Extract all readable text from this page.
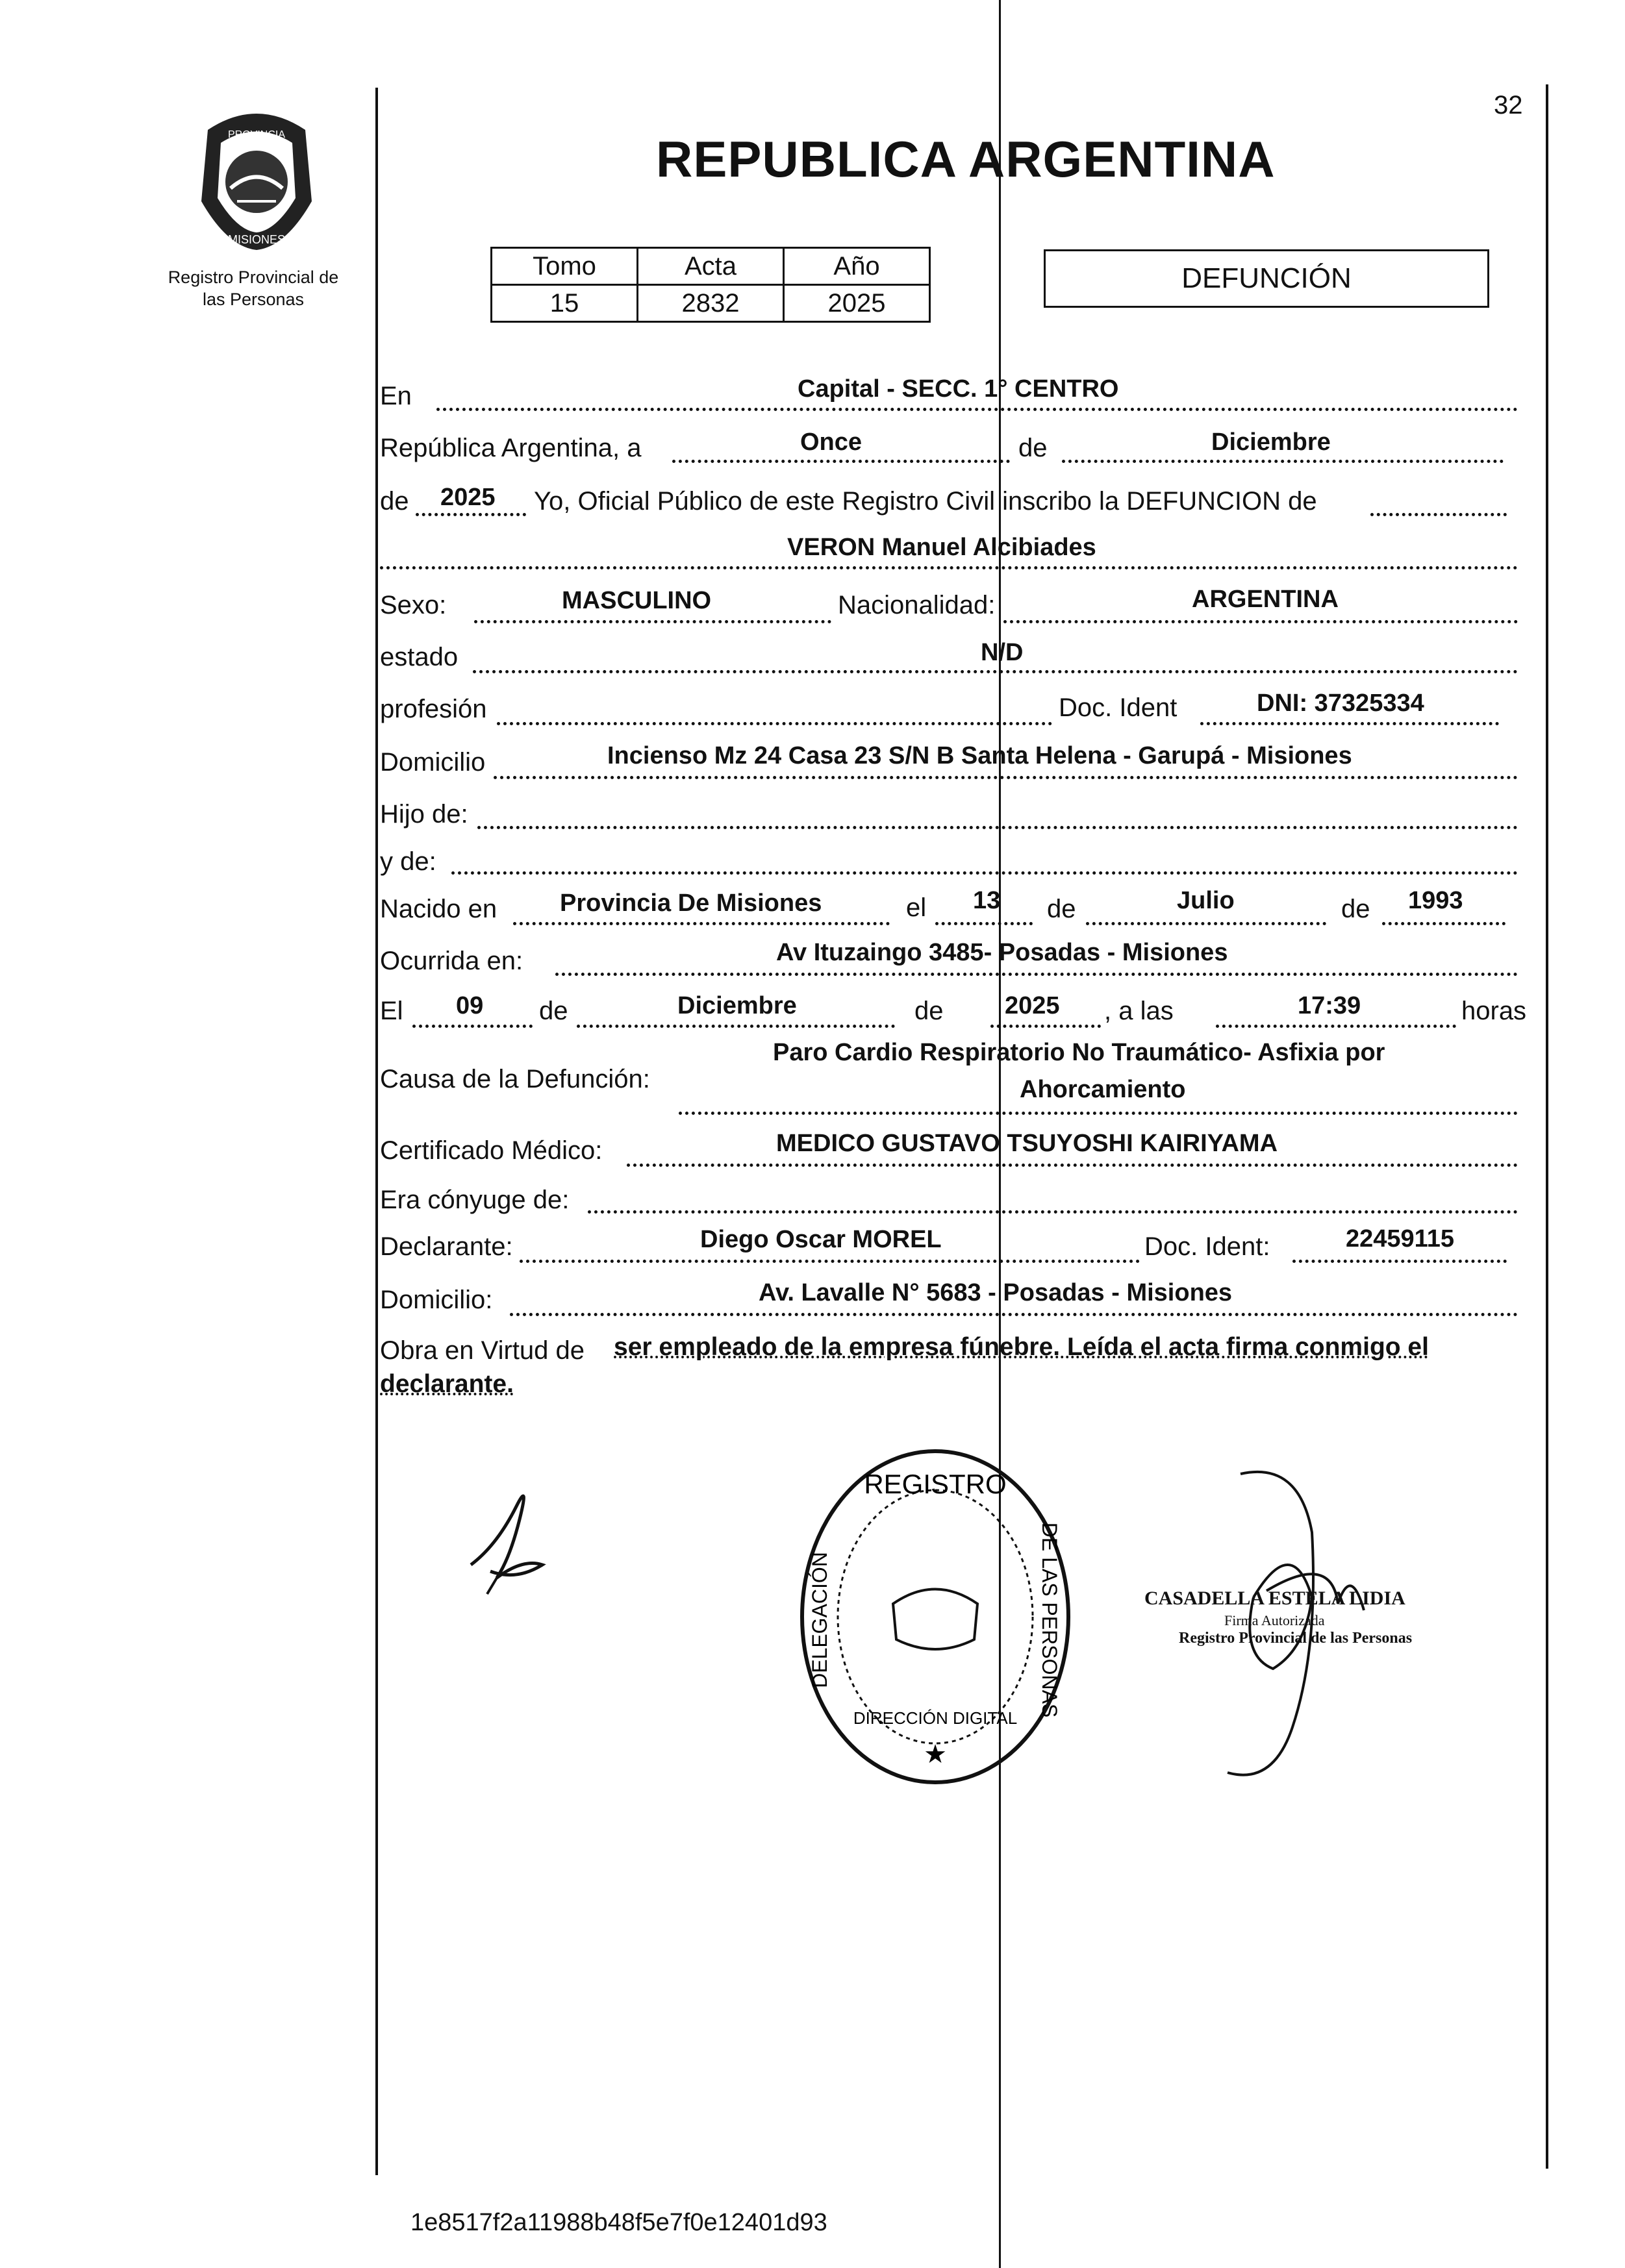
32
PROVINCIA
MISIONES
Registro Provincial de
las Personas
REPUBLICA ARGENTINA
Tomo	Acta	Año
15	2832	2025
DEFUNCIÓN
En	Capital - SECC. 1° CENTRO
República Argentina, a	Once	de	Diciembre
de 2025 Yo, Oficial Público de este Registro Civil inscribo la DEFUNCION de
VERON Manuel Alcibiades
Sexo:	MASCULINO	Nacionalidad:	ARGENTINA
estado	N/D
profesión	Doc. Ident	DNI: 37325334
Domicilio	Incienso Mz 24 Casa 23 S/N B Santa Helena - Garupá - Misiones
Hijo de:
y de:
Nacido en	Provincia De Misiones	el 13 de	Julio	de 1993
Ocurrida en:	Av Ituzaingo 3485- Posadas - Misiones
El 09 de	Diciembre	de 2025 , a las	17:39	horas
Causa de la Defunción:
Paro Cardio Respiratorio No Traumático- Asfixia por
Ahorcamiento
Certificado Médico:	MEDICO GUSTAVO TSUYOSHI KAIRIYAMA
Era cónyuge de:
Declarante:	Diego Oscar MOREL	Doc. Ident:	22459115
Domicilio:	Av. Lavalle N° 5683 - Posadas - Misiones
Obra en Virtud de ser empleado de la empresa fúnebre. Leída el acta firma conmigo el
declarante.
REGISTRO
DE LAS PERSONAS
DELEGACIÓN
DIRECCIÓN DIGITAL
★
CASADELLA ESTELA LIDIA
Firma Autorizada
Registro Provincial de las Personas
1e8517f2a11988b48f5e7f0e12401d93
